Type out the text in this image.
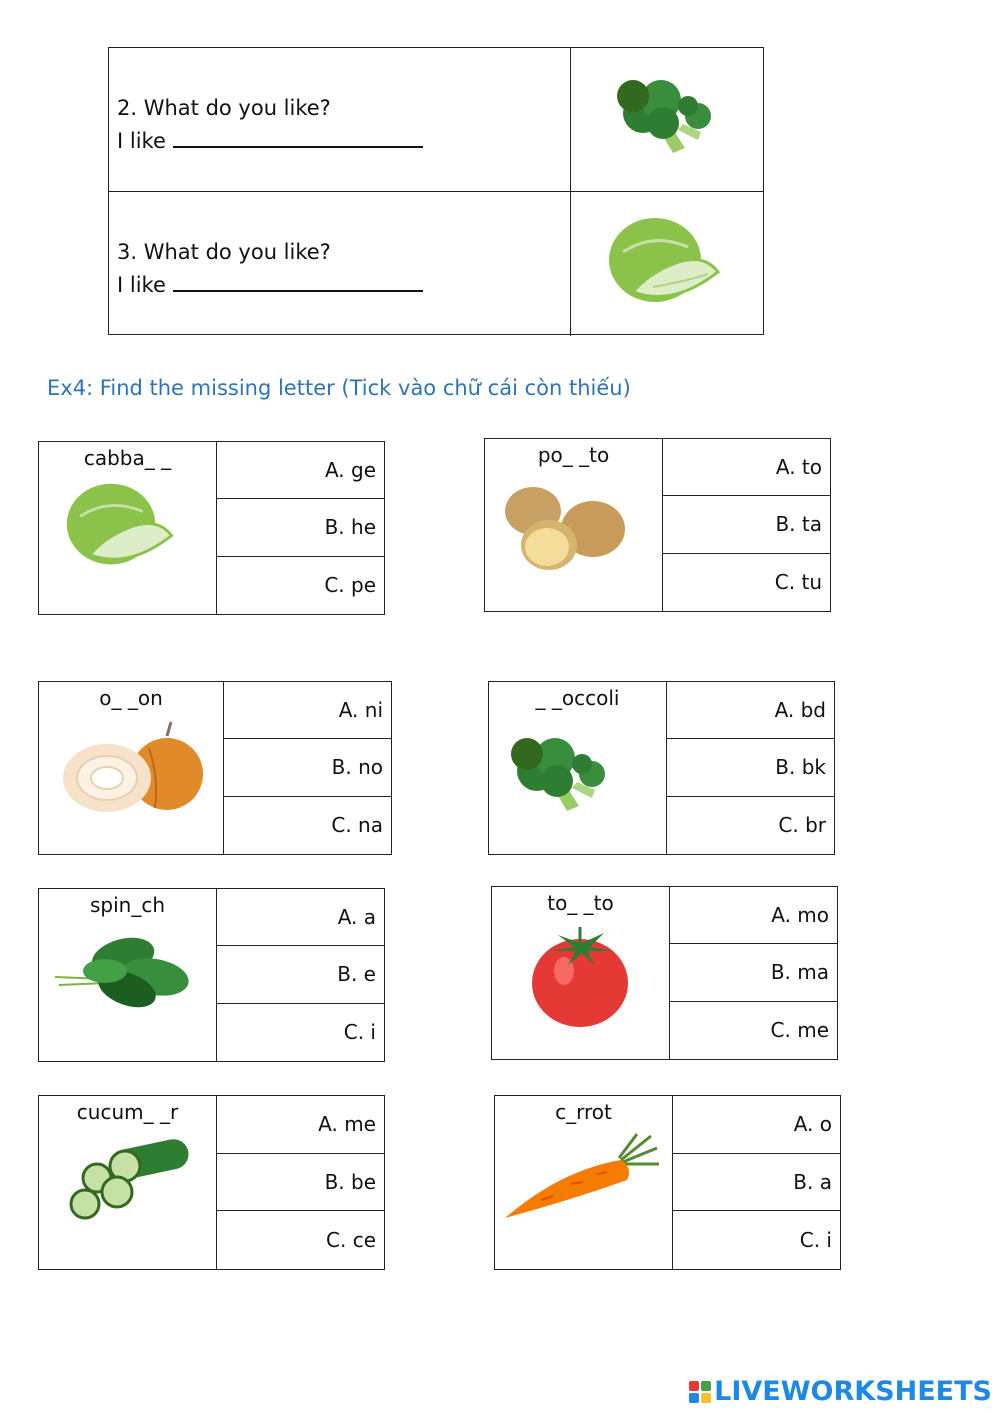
2. What do you like?
I like
3. What do you like?
I like
Ex4: Find the missing letter (Tick vào chữ cái còn thiếu)
cabba_ _
A. ge
B. he
C. pe
po_ _to
A. to
B. ta
C. tu
o_ _on
A. ni
B. no
C. na
_ _occoli
A. bd
B. bk
C. br
spin_ch
A. a
B. e
C. i
to_ _to
A. mo
B. ma
C. me
cucum_ _r
A. me
B. be
C. ce
c_rrot
A. o
B. a
C. i
LIVEWORKSHEETS
